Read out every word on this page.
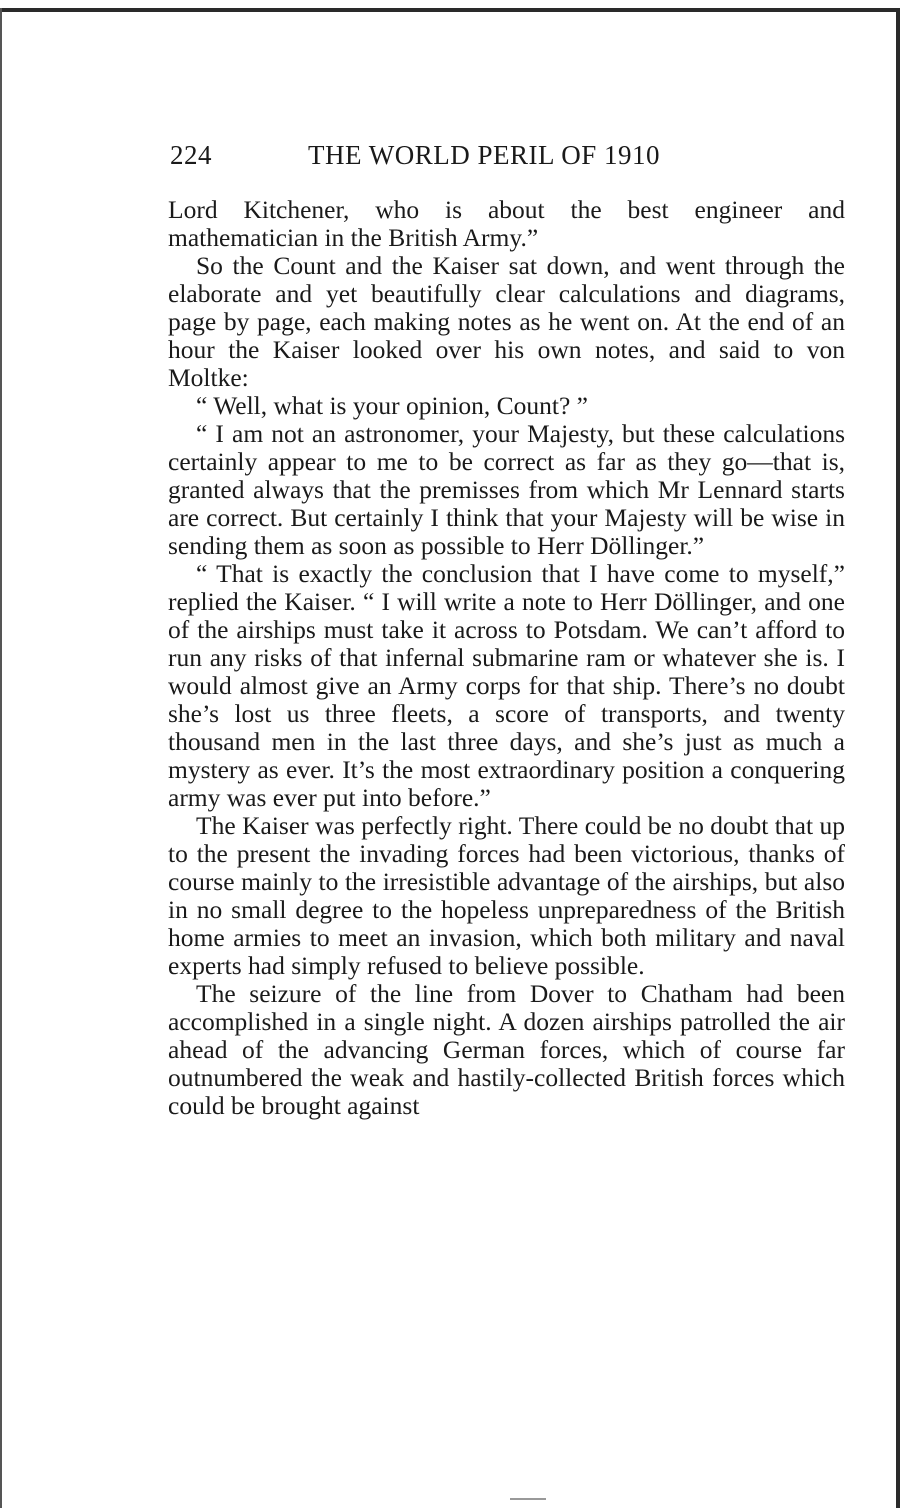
224	THE WORLD PERIL OF 1910

Lord Kitchener, who is about the best engineer and mathematician in the British Army.”

So the Count and the Kaiser sat down, and went through the elaborate and yet beautifully clear calculations and diagrams, page by page, each making notes as he went on. At the end of an hour the Kaiser looked over his own notes, and said to von Moltke:

“ Well, what is your opinion, Count? ”

“ I am not an astronomer, your Majesty, but these calculations certainly appear to me to be correct as far as they go—that is, granted always that the premisses from which Mr Lennard starts are correct. But certainly I think that your Majesty will be wise in sending them as soon as possible to Herr Döllinger.”

“ That is exactly the conclusion that I have come to myself,” replied the Kaiser. “ I will write a note to Herr Döllinger, and one of the airships must take it across to Potsdam. We can’t afford to run any risks of that infernal submarine ram or whatever she is. I would almost give an Army corps for that ship. There’s no doubt she’s lost us three fleets, a score of transports, and twenty thousand men in the last three days, and she’s just as much a mystery as ever. It’s the most extraordinary position a conquering army was ever put into before.”

The Kaiser was perfectly right. There could be no doubt that up to the present the invading forces had been victorious, thanks of course mainly to the irresistible advantage of the airships, but also in no small degree to the hopeless unpreparedness of the British home armies to meet an invasion, which both military and naval experts had simply refused to believe possible.

The seizure of the line from Dover to Chatham had been accomplished in a single night. A dozen airships patrolled the air ahead of the advancing German forces, which of course far outnumbered the weak and hastily-collected British forces which could be brought against
